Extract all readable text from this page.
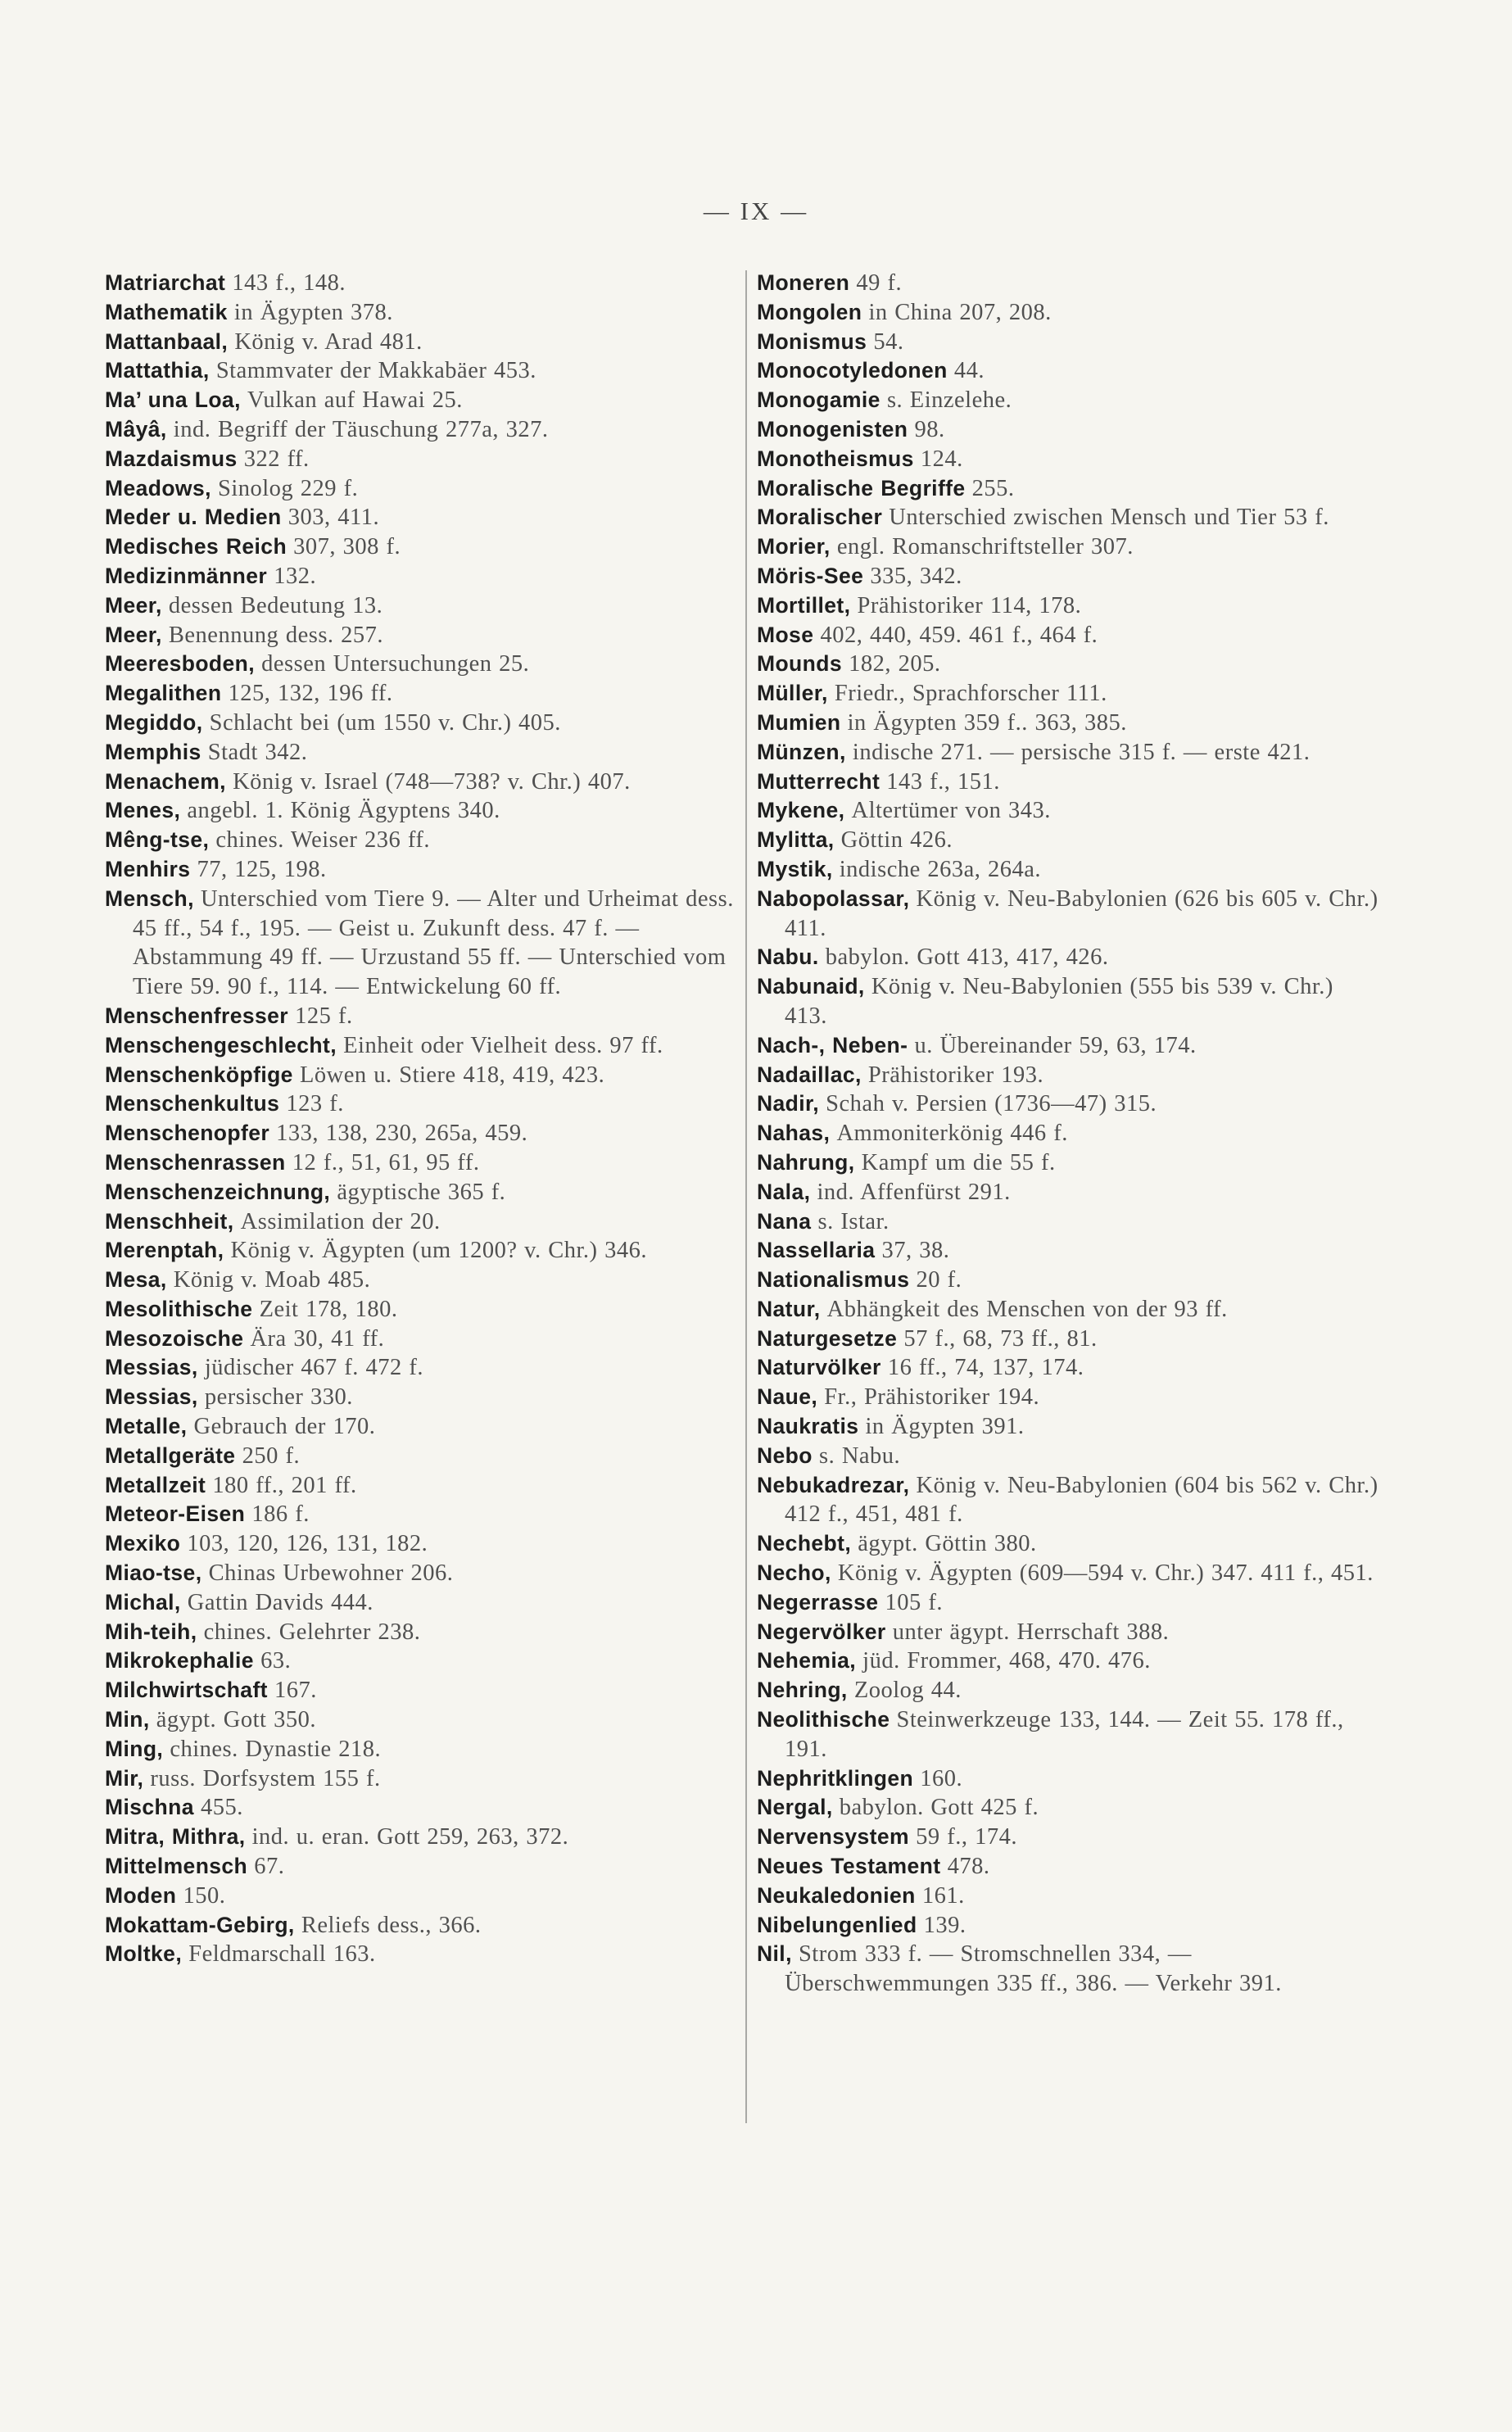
— IX —

Matriarchat 143 f., 148.

Mathematik in Ägypten 378.

Mattanbaal, König v. Arad 481.

Mattathia, Stammvater der Makkabäer 453.

Ma’ una Loa, Vulkan auf Hawai 25.

Mâyâ, ind. Begriff der Täuschung 277a, 327.

Mazdaismus 322 ff.

Meadows, Sinolog 229 f.

Meder u. Medien 303, 411.

Medisches Reich 307, 308 f.

Medizinmänner 132.

Meer, dessen Bedeutung 13.

Meer, Benennung dess. 257.

Meeresboden, dessen Untersuchungen 25.

Megalithen 125, 132, 196 ff.

Megiddo, Schlacht bei (um 1550 v. Chr.) 405.

Memphis Stadt 342.

Menachem, König v. Israel (748—738? v. Chr.) 407.

Menes, angebl. 1. König Ägyptens 340.

Mêng-tse, chines. Weiser 236 ff.

Menhirs 77, 125, 198.

Mensch, Unterschied vom Tiere 9. — Alter und Urheimat dess. 45 ff., 54 f., 195. — Geist u. Zukunft dess. 47 f. — Abstammung 49 ff. — Urzustand 55 ff. — Unterschied vom Tiere 59. 90 f., 114. — Entwickelung 60 ff.

Menschenfresser 125 f.

Menschengeschlecht, Einheit oder Vielheit dess. 97 ff.

Menschenköpfige Löwen u. Stiere 418, 419, 423.

Menschenkultus 123 f.

Menschenopfer 133, 138, 230, 265a, 459.

Menschenrassen 12 f., 51, 61, 95 ff.

Menschenzeichnung, ägyptische 365 f.

Menschheit, Assimilation der 20.

Merenptah, König v. Ägypten (um 1200? v. Chr.) 346.

Mesa, König v. Moab 485.

Mesolithische Zeit 178, 180.

Mesozoische Ära 30, 41 ff.

Messias, jüdischer 467 f. 472 f.

Messias, persischer 330.

Metalle, Gebrauch der 170.

Metallgeräte 250 f.

Metallzeit 180 ff., 201 ff.

Meteor-Eisen 186 f.

Mexiko 103, 120, 126, 131, 182.

Miao-tse, Chinas Urbewohner 206.

Michal, Gattin Davids 444.

Mih-teih, chines. Gelehrter 238.

Mikrokephalie 63.

Milchwirtschaft 167.

Min, ägypt. Gott 350.

Ming, chines. Dynastie 218.

Mir, russ. Dorfsystem 155 f.

Mischna 455.

Mitra, Mithra, ind. u. eran. Gott 259, 263, 372.

Mittelmensch 67.

Moden 150.

Mokattam-Gebirg, Reliefs dess., 366.

Moltke, Feldmarschall 163.

Moneren 49 f.

Mongolen in China 207, 208.

Monismus 54.

Monocotyledonen 44.

Monogamie s. Einzelehe.

Monogenisten 98.

Monotheismus 124.

Moralische Begriffe 255.

Moralischer Unterschied zwischen Mensch und Tier 53 f.

Morier, engl. Romanschriftsteller 307.

Möris-See 335, 342.

Mortillet, Prähistoriker 114, 178.

Mose 402, 440, 459. 461 f., 464 f.

Mounds 182, 205.

Müller, Friedr., Sprachforscher 111.

Mumien in Ägypten 359 f.. 363, 385.

Münzen, indische 271. — persische 315 f. — erste 421.

Mutterrecht 143 f., 151.

Mykene, Altertümer von 343.

Mylitta, Göttin 426.

Mystik, indische 263a, 264a.

Nabopolassar, König v. Neu-Babylonien (626 bis 605 v. Chr.) 411.

Nabu. babylon. Gott 413, 417, 426.

Nabunaid, König v. Neu-Babylonien (555 bis 539 v. Chr.) 413.

Nach-, Neben- u. Übereinander 59, 63, 174.

Nadaillac, Prähistoriker 193.

Nadir, Schah v. Persien (1736—47) 315.

Nahas, Ammoniterkönig 446 f.

Nahrung, Kampf um die 55 f.

Nala, ind. Affenfürst 291.

Nana s. Istar.

Nassellaria 37, 38.

Nationalismus 20 f.

Natur, Abhängkeit des Menschen von der 93 ff.

Naturgesetze 57 f., 68, 73 ff., 81.

Naturvölker 16 ff., 74, 137, 174.

Naue, Fr., Prähistoriker 194.

Naukratis in Ägypten 391.

Nebo s. Nabu.

Nebukadrezar, König v. Neu-Babylonien (604 bis 562 v. Chr.) 412 f., 451, 481 f.

Nechebt, ägypt. Göttin 380.

Necho, König v. Ägypten (609—594 v. Chr.) 347. 411 f., 451.

Negerrasse 105 f.

Negervölker unter ägypt. Herrschaft 388.

Nehemia, jüd. Frommer, 468, 470. 476.

Nehring, Zoolog 44.

Neolithische Steinwerkzeuge 133, 144. — Zeit 55. 178 ff., 191.

Nephritklingen 160.

Nergal, babylon. Gott 425 f.

Nervensystem 59 f., 174.

Neues Testament 478.

Neukaledonien 161.

Nibelungenlied 139.

Nil, Strom 333 f. — Stromschnellen 334, — Überschwemmungen 335 ff., 386. — Verkehr 391.
